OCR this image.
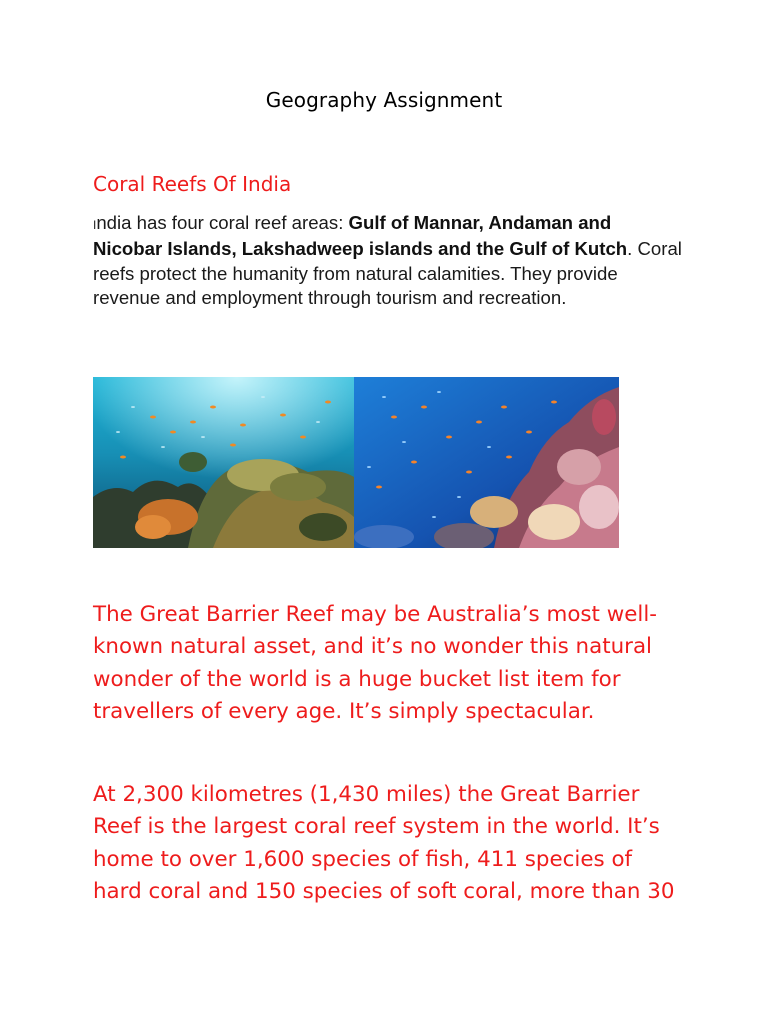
Geography Assignment
Coral Reefs Of India
India has four coral reef areas: Gulf of Mannar, Andaman and Nicobar Islands, Lakshadweep islands and the Gulf of Kutch. Coral reefs protect the humanity from natural calamities. They provide revenue and employment through tourism and recreation.
The Great Barrier Reef may be Australia’s most well-known natural asset, and it’s no wonder this natural wonder of the world is a huge bucket list item for travellers of every age. It’s simply spectacular.
At 2,300 kilometres (1,430 miles) the Great Barrier Reef is the largest coral reef system in the world. It’s home to over 1,600 species of fish, 411 species of hard coral and 150 species of soft coral, more than 30
